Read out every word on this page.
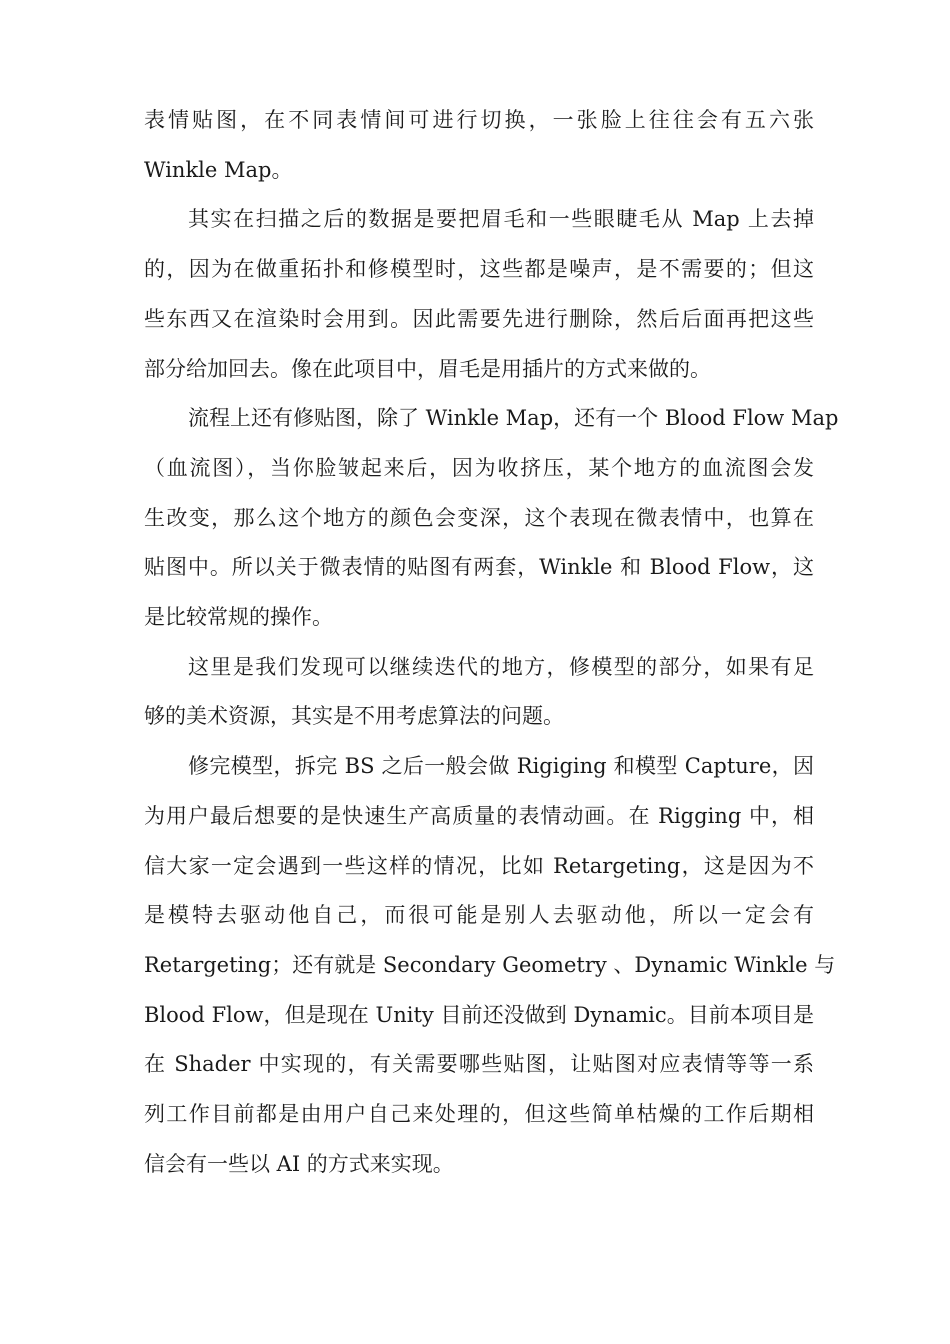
表情贴图，在不同表情间可进行切换，一张脸上往往会有五六张
Winkle Map。

其实在扫描之后的数据是要把眉毛和一些眼睫毛从 Map 上去掉
的，因为在做重拓扑和修模型时，这些都是噪声，是不需要的；但这
些东西又在渲染时会用到。因此需要先进行删除，然后后面再把这些
部分给加回去。像在此项目中，眉毛是用插片的方式来做的。

流程上还有修贴图，除了 Winkle Map，还有一个 Blood Flow Map
（血流图），当你脸皱起来后，因为收挤压，某个地方的血流图会发
生改变，那么这个地方的颜色会变深，这个表现在微表情中，也算在
贴图中。所以关于微表情的贴图有两套，Winkle 和 Blood Flow，这
是比较常规的操作。

这里是我们发现可以继续迭代的地方，修模型的部分，如果有足
够的美术资源，其实是不用考虑算法的问题。

修完模型，拆完 BS 之后一般会做 Rigiging 和模型 Capture，因
为用户最后想要的是快速生产高质量的表情动画。在 Rigging 中，相
信大家一定会遇到一些这样的情况，比如 Retargeting，这是因为不
是模特去驱动他自己，而很可能是别人去驱动他，所以一定会有
Retargeting；还有就是 Secondary Geometry 、Dynamic Winkle 与
Blood Flow，但是现在 Unity 目前还没做到 Dynamic。目前本项目是
在 Shader 中实现的，有关需要哪些贴图，让贴图对应表情等等一系
列工作目前都是由用户自己来处理的，但这些简单枯燥的工作后期相
信会有一些以 AI 的方式来实现。
